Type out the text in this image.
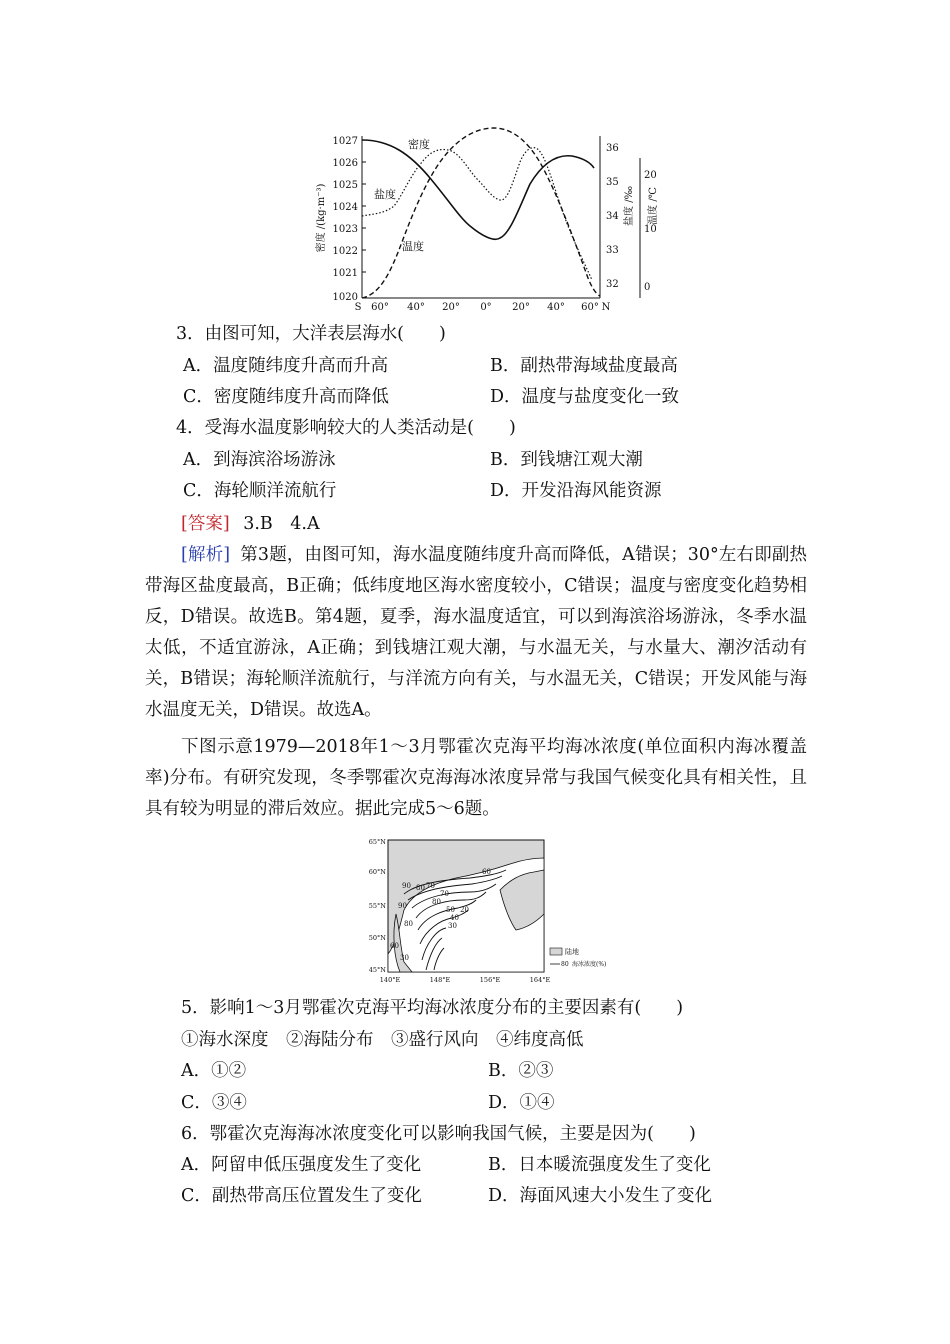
1027
1026
1025
1024
1023
1022
1021
1020
密度 /(kg·m⁻³)
36
35
34
33
32
盐度 /‰
20
10
0
温度 /℃
S 60° 40° 20° 0° 20° 40° 60° N
密度
盐度
温度
3．由图可知，大洋表层海水(　　)
A．温度随纬度升高而升高	B．副热带海域盐度最高
C．密度随纬度升高而降低	D．温度与盐度变化一致
4．受海水温度影响较大的人类活动是(　　)
A．到海滨浴场游泳	B．到钱塘江观大潮
C．海轮顺洋流航行	D．开发沿海风能资源
[答案] 3.B　4.A
[解析] 第3题，由图可知，海水温度随纬度升高而降低，A错误；30°左右即副热带海区盐度最高，B正确；低纬度地区海水密度较小，C错误；温度与密度变化趋势相反，D错误。故选B。第4题，夏季，海水温度适宜，可以到海滨浴场游泳，冬季水温太低，不适宜游泳，A正确；到钱塘江观大潮，与水温无关，与水量大、潮汐活动有关，B错误；海轮顺洋流航行，与洋流方向有关，与水温无关，C错误；开发风能与海水温度无关，D错误。故选A。
下图示意1979—2018年1～3月鄂霍次克海平均海冰浓度(单位面积内海冰覆盖率)分布。有研究发现，冬季鄂霍次克海海冰浓度异常与我国气候变化具有相关性，且具有较为明显的滞后效应。据此完成5～6题。
90 80 70
60
70
80
50
40
30
20
90
80
60
30
65°N
60°N
55°N
50°N
45°N
140°E	148°E	156°E	164°E
陆地
80 海冰浓度(%)
5．影响1～3月鄂霍次克海平均海冰浓度分布的主要因素有(　　)
①海水深度　②海陆分布　③盛行风向　④纬度高低
A．①②	B．②③
C．③④	D．①④
6．鄂霍次克海海冰浓度变化可以影响我国气候，主要是因为(　　)
A．阿留申低压强度发生了变化	B．日本暖流强度发生了变化
C．副热带高压位置发生了变化	D．海面风速大小发生了变化
